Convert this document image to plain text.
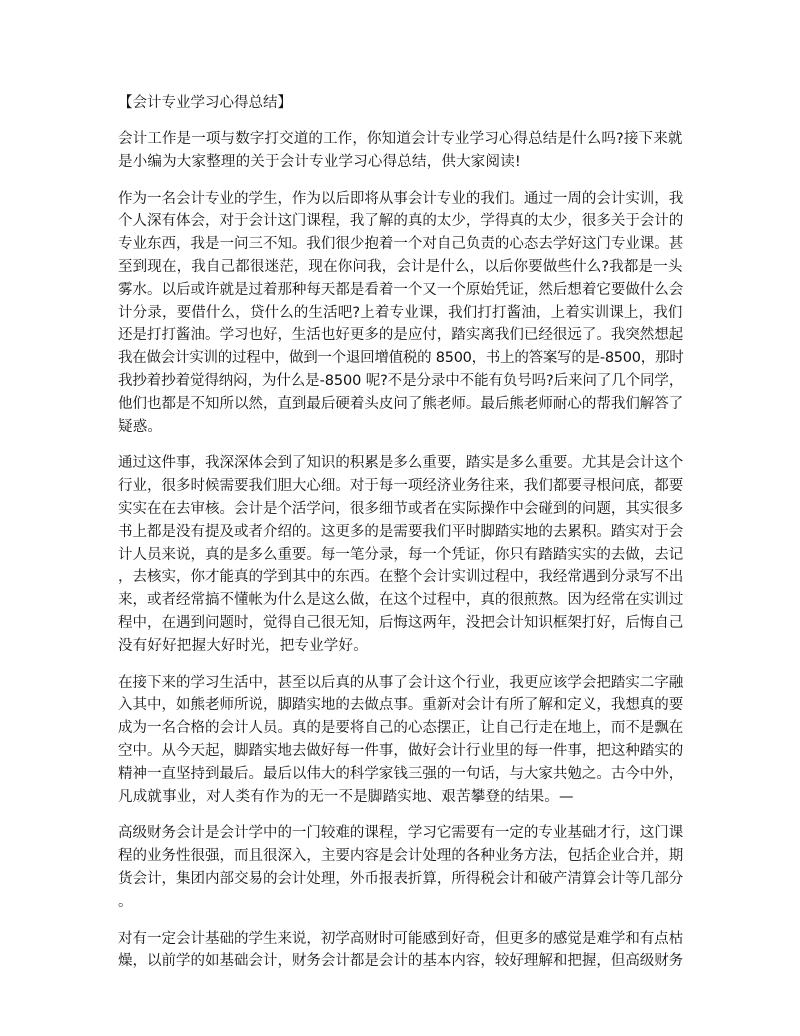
【会计专业学习心得总结】
会计工作是一项与数字打交道的工作，你知道会计专业学习心得总结是什么吗?接下来就
是小编为大家整理的关于会计专业学习心得总结，供大家阅读!
作为一名会计专业的学生，作为以后即将从事会计专业的我们。通过一周的会计实训，我
个人深有体会，对于会计这门课程，我了解的真的太少，学得真的太少，很多关于会计的
专业东西，我是一问三不知。我们很少抱着一个对自己负责的心态去学好这门专业课。甚
至到现在，我自己都很迷茫，现在你问我，会计是什么，以后你要做些什么?我都是一头
雾水。以后或许就是过着那种每天都是看着一个又一个原始凭证，然后想着它要做什么会
计分录，要借什么，贷什么的生活吧?上着专业课，我们打打酱油，上着实训课上，我们
还是打打酱油。学习也好，生活也好更多的是应付，踏实离我们已经很远了。我突然想起
我在做会计实训的过程中，做到一个退回增值税的 8500，书上的答案写的是-8500，那时
我抄着抄着觉得纳闷，为什么是-8500 呢?不是分录中不能有负号吗?后来问了几个同学，
他们也都是不知所以然，直到最后硬着头皮问了熊老师。最后熊老师耐心的帮我们解答了
疑惑。
通过这件事，我深深体会到了知识的积累是多么重要，踏实是多么重要。尤其是会计这个
行业，很多时候需要我们胆大心细。对于每一项经济业务往来，我们都要寻根问底，都要
实实在在去审核。会计是个活学问，很多细节或者在实际操作中会碰到的问题，其实很多
书上都是没有提及或者介绍的。这更多的是需要我们平时脚踏实地的去累积。踏实对于会
计人员来说，真的是多么重要。每一笔分录，每一个凭证，你只有踏踏实实的去做，去记
，去核实，你才能真的学到其中的东西。在整个会计实训过程中，我经常遇到分录写不出
来，或者经常搞不懂帐为什么是这么做，在这个过程中，真的很煎熬。因为经常在实训过
程中，在遇到问题时，觉得自己很无知，后悔这两年，没把会计知识框架打好，后悔自己
没有好好把握大好时光，把专业学好。
在接下来的学习生活中，甚至以后真的从事了会计这个行业，我更应该学会把踏实二字融
入其中，如熊老师所说，脚踏实地的去做点事。重新对会计有所了解和定义，我想真的要
成为一名合格的会计人员。真的是要将自己的心态摆正，让自己行走在地上，而不是飘在
空中。从今天起，脚踏实地去做好每一件事，做好会计行业里的每一件事，把这种踏实的
精神一直坚持到最后。最后以伟大的科学家钱三强的一句话，与大家共勉之。古今中外，
凡成就事业，对人类有作为的无一不是脚踏实地、艰苦攀登的结果。—
高级财务会计是会计学中的一门较难的课程，学习它需要有一定的专业基础才行，这门课
程的业务性很强，而且很深入，主要内容是会计处理的各种业务方法，包括企业合并，期
货会计，集团内部交易的会计处理，外币报表折算，所得税会计和破产清算会计等几部分
。
对有一定会计基础的学生来说，初学高财时可能感到好奇，但更多的感觉是难学和有点枯
燥，以前学的如基础会计，财务会计都是会计的基本内容，较好理解和把握，但高级财务
